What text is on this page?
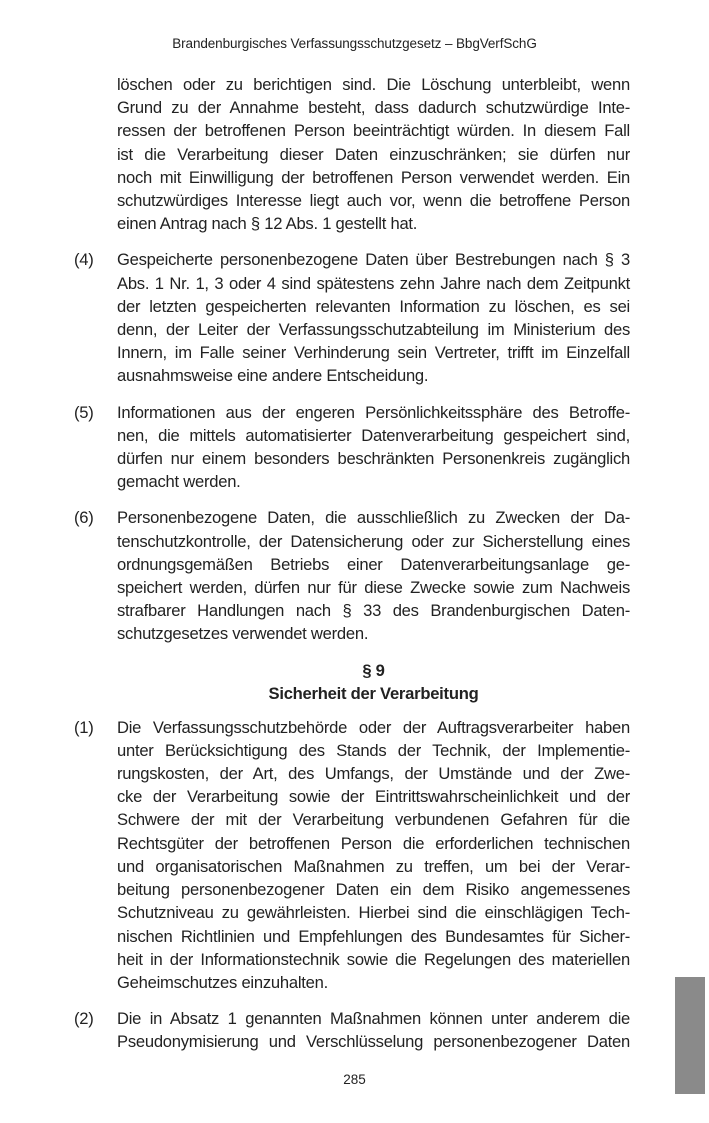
Brandenburgisches Verfassungsschutzgesetz – BbgVerfSchG
löschen oder zu berichtigen sind. Die Löschung unterbleibt, wenn
Grund zu der Annahme besteht, dass dadurch schutzwürdige Inte-
ressen der betroffenen Person beeinträchtigt würden. In diesem Fall
ist die Verarbeitung dieser Daten einzuschränken; sie dürfen nur
noch mit Einwilligung der betroffenen Person verwendet werden. Ein
schutzwürdiges Interesse liegt auch vor, wenn die betroffene Person
einen Antrag nach § 12 Abs. 1 gestellt hat.
(4) Gespeicherte personenbezogene Daten über Bestrebungen nach § 3
Abs. 1 Nr. 1, 3 oder 4 sind spätestens zehn Jahre nach dem Zeitpunkt
der letzten gespeicherten relevanten Information zu löschen, es sei
denn, der Leiter der Verfassungsschutzabteilung im Ministerium des
Innern, im Falle seiner Verhinderung sein Vertreter, trifft im Einzelfall
ausnahmsweise eine andere Entscheidung.
(5) Informationen aus der engeren Persönlichkeitssphäre des Betroffe-
nen, die mittels automatisierter Datenverarbeitung gespeichert sind,
dürfen nur einem besonders beschränkten Personenkreis zugänglich
gemacht werden.
(6) Personenbezogene Daten, die ausschließlich zu Zwecken der Da-
tenschutzkontrolle, der Datensicherung oder zur Sicherstellung eines
ordnungsgemäßen Betriebs einer Datenverarbeitungsanlage ge-
speichert werden, dürfen nur für diese Zwecke sowie zum Nachweis
strafbarer Handlungen nach § 33 des Brandenburgischen Daten-
schutzgesetzes verwendet werden.
§ 9
Sicherheit der Verarbeitung
(1) Die Verfassungsschutzbehörde oder der Auftragsverarbeiter haben
unter Berücksichtigung des Stands der Technik, der Implementie-
rungskosten, der Art, des Umfangs, der Umstände und der Zwe-
cke der Verarbeitung sowie der Eintrittswahrscheinlichkeit und der
Schwere der mit der Verarbeitung verbundenen Gefahren für die
Rechtsgüter der betroffenen Person die erforderlichen technischen
und organisatorischen Maßnahmen zu treffen, um bei der Verar-
beitung personenbezogener Daten ein dem Risiko angemessenes
Schutzniveau zu gewährleisten. Hierbei sind die einschlägigen Tech-
nischen Richtlinien und Empfehlungen des Bundesamtes für Sicher-
heit in der Informationstechnik sowie die Regelungen des materiellen
Geheimschutzes einzuhalten.
(2) Die in Absatz 1 genannten Maßnahmen können unter anderem die
Pseudonymisierung und Verschlüsselung personenbezogener Daten
285
